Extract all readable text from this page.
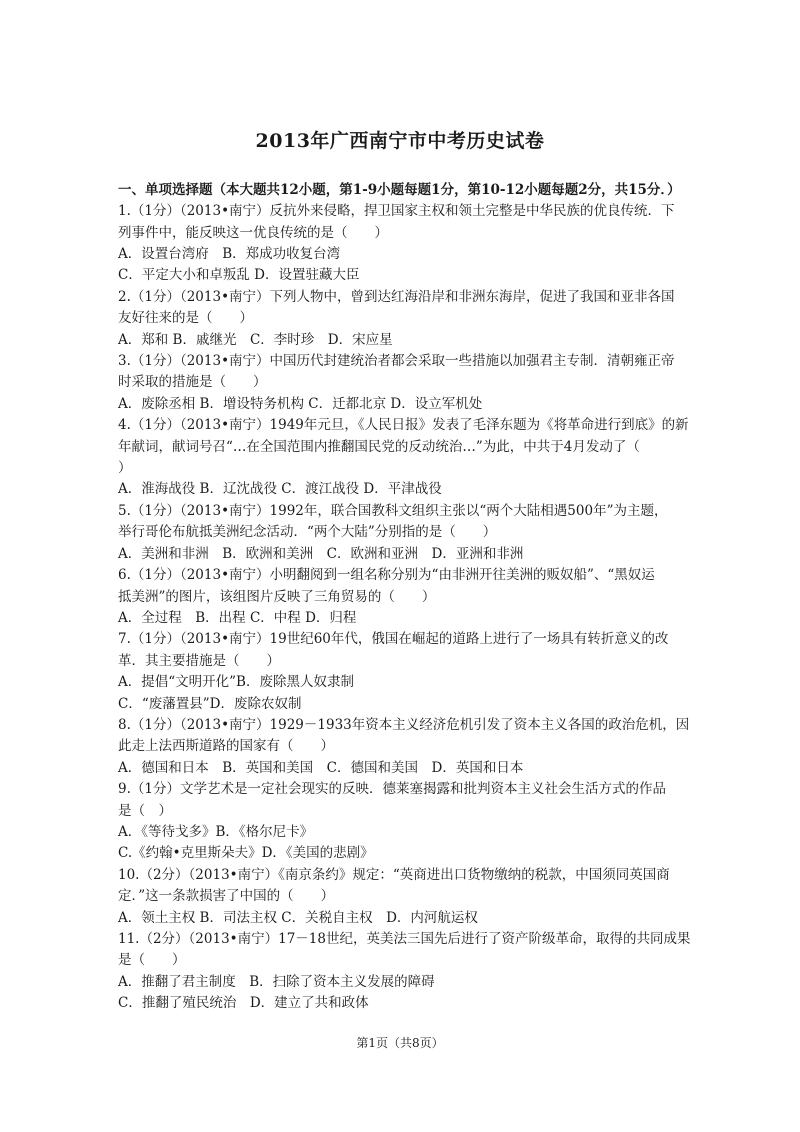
2013年广西南宁市中考历史试卷
一、单项选择题（本大题共12小题，第1-9小题每题1分，第10-12小题每题2分，共15分．）
1.（1分）（2013•南宁）反抗外来侵略，捍卫国家主权和领土完整是中华民族的优良传统．下
列事件中，能反映这一优良传统的是（　　）
A．设置台湾府　B．郑成功收复台湾
C．平定大小和卓叛乱 D．设置驻藏大臣
2.（1分）（2013•南宁）下列人物中，曾到达红海沿岸和非洲东海岸，促进了我国和亚非各国
友好往来的是（　　）
A．郑和 B．戚继光　C．李时珍　D．宋应星
3.（1分）（2013•南宁）中国历代封建统治者都会采取一些措施以加强君主专制．清朝雍正帝
时采取的措施是（　　）
A．废除丞相 B．增设特务机构 C．迁都北京 D．设立军机处
4.（1分）（2013•南宁）1949年元旦，《人民日报》发表了毛泽东题为《将革命进行到底》的新
年献词，献词号召“…在全国范围内推翻国民党的反动统治…”为此，中共于4月发动了（
）
A．淮海战役 B．辽沈战役 C．渡江战役 D．平津战役
5.（1分）（2013•南宁）1992年，联合国教科文组织主张以“两个大陆相遇500年”为主题，
举行哥伦布航抵美洲纪念活动．“两个大陆”分别指的是（　　）
A．美洲和非洲　B．欧洲和美洲　C．欧洲和亚洲　D．亚洲和非洲
6.（1分）（2013•南宁）小明翻阅到一组名称分别为“由非洲开往美洲的贩奴船”、“黑奴运
抵美洲”的图片，该组图片反映了三角贸易的（　　）
A．全过程　B．出程 C．中程 D．归程
7.（1分）（2013•南宁）19世纪60年代，俄国在崛起的道路上进行了一场具有转折意义的改
革．其主要措施是（　　）
A．提倡“文明开化”B．废除黑人奴隶制
C．“废藩置县”D．废除农奴制
8.（1分）（2013•南宁）1929－1933年资本主义经济危机引发了资本主义各国的政治危机，因
此走上法西斯道路的国家有（　　）
A．德国和日本　B．英国和美国　C．德国和美国　D．英国和日本
9.（1分）文学艺术是一定社会现实的反映．德莱塞揭露和批判资本主义社会生活方式的作品
是（　）
A．《等待戈多》B．《格尔尼卡》
C.《约翰•克里斯朵夫》D．《美国的悲剧》
10.（2分）（2013•南宁）《南京条约》规定：“英商进出口货物缴纳的税款，中国须同英国商
定．”这一条款损害了中国的（　　）
A．领土主权 B．司法主权 C．关税自主权　D．内河航运权
11.（2分）（2013•南宁）17－18世纪，英美法三国先后进行了资产阶级革命，取得的共同成果
是（　　）
A．推翻了君主制度　B．扫除了资本主义发展的障碍
C．推翻了殖民统治　D．建立了共和政体
第1页（共8页）
